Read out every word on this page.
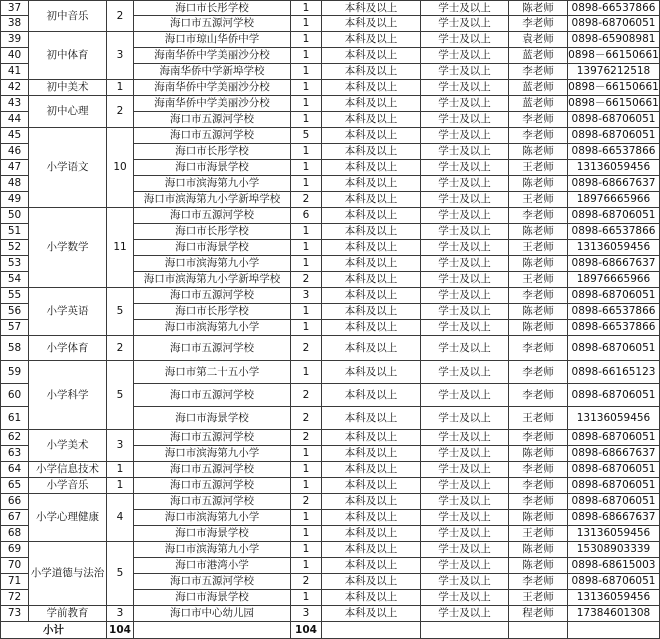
37	初中音乐	2	海口市长彤学校	1	本科及以上	学士及以上	陈老师	0898-66537866
38			海口市五源河学校	1	本科及以上	学士及以上	李老师	0898-68706051
39	初中体育	3	海口市琼山华侨中学	1	本科及以上	学士及以上	袁老师	0898-65908981
40			海南华侨中学美丽沙分校	1	本科及以上	学士及以上	蓝老师	0898－66150661
41			海南华侨中学新埠学校	1	本科及以上	学士及以上	李老师	13976212518
42	初中美术	1	海南华侨中学美丽沙分校	1	本科及以上	学士及以上	蓝老师	0898－66150661
43	初中心理	2	海南华侨中学美丽沙分校	1	本科及以上	学士及以上	蓝老师	0898－66150661
44			海口市五源河学校	1	本科及以上	学士及以上	李老师	0898-68706051
45	小学语文	10	海口市五源河学校	5	本科及以上	学士及以上	李老师	0898-68706051
46			海口市长彤学校	1	本科及以上	学士及以上	陈老师	0898-66537866
47			海口市海景学校	1	本科及以上	学士及以上	王老师	13136059456
48			海口市滨海第九小学	1	本科及以上	学士及以上	陈老师	0898-68667637
49			海口市滨海第九小学新埠学校	2	本科及以上	学士及以上	王老师	18976665966
50	小学数学	11	海口市五源河学校	6	本科及以上	学士及以上	李老师	0898-68706051
51			海口市长彤学校	1	本科及以上	学士及以上	陈老师	0898-66537866
52			海口市海景学校	1	本科及以上	学士及以上	王老师	13136059456
53			海口市滨海第九小学	1	本科及以上	学士及以上	陈老师	0898-68667637
54			海口市滨海第九小学新埠学校	2	本科及以上	学士及以上	王老师	18976665966
55	小学英语	5	海口市五源河学校	3	本科及以上	学士及以上	李老师	0898-68706051
56			海口市长彤学校	1	本科及以上	学士及以上	陈老师	0898-66537866
57			海口市滨海第九小学	1	本科及以上	学士及以上	陈老师	0898-66537866
58	小学体育	2	海口市五源河学校	2	本科及以上	学士及以上	李老师	0898-68706051
59	小学科学	5	海口市第二十五小学	1	本科及以上	学士及以上	李老师	0898-66165123
60			海口市五源河学校	2	本科及以上	学士及以上	李老师	0898-68706051
61			海口市海景学校	2	本科及以上	学士及以上	王老师	13136059456
62	小学美术	3	海口市五源河学校	2	本科及以上	学士及以上	李老师	0898-68706051
63			海口市滨海第九小学	1	本科及以上	学士及以上	陈老师	0898-68667637
64	小学信息技术	1	海口市五源河学校	1	本科及以上	学士及以上	李老师	0898-68706051
65	小学音乐	1	海口市五源河学校	1	本科及以上	学士及以上	李老师	0898-68706051
66	小学心理健康	4	海口市五源河学校	2	本科及以上	学士及以上	李老师	0898-68706051
67			海口市滨海第九小学	1	本科及以上	学士及以上	陈老师	0898-68667637
68			海口市海景学校	1	本科及以上	学士及以上	王老师	13136059456
69	小学道德与法治	5	海口市滨海第九小学	1	本科及以上	学士及以上	陈老师	15308903339
70			海口市港湾小学	1	本科及以上	学士及以上	陈老师	0898-68615003
71			海口市五源河学校	2	本科及以上	学士及以上	李老师	0898-68706051
72			海口市海景学校	1	本科及以上	学士及以上	王老师	13136059456
73	学前教育	3	海口市中心幼儿园	3	本科及以上	学士及以上	程老师	17384601308
小计		104		104				
